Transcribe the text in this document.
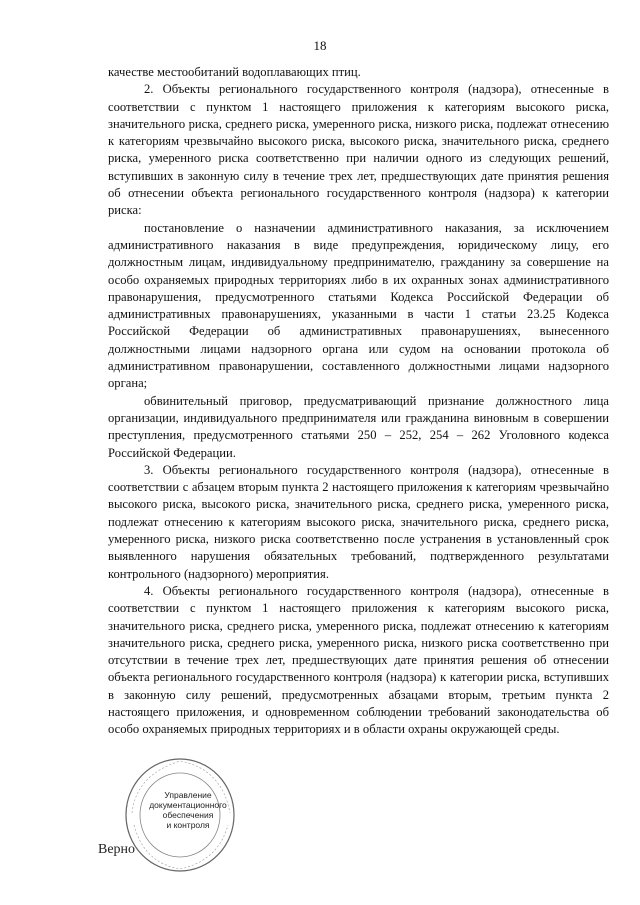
18

качестве местообитаний водоплавающих птиц.

2. Объекты регионального государственного контроля (надзора), отнесенные в соответствии с пунктом 1 настоящего приложения к категориям высокого риска, значительного риска, среднего риска, умеренного риска, низкого риска, подлежат отнесению к категориям чрезвычайно высокого риска, высокого риска, значительного риска, среднего риска, умеренного риска соответственно при наличии одного из следующих решений, вступивших в законную силу в течение трех лет, предшествующих дате принятия решения об отнесении объекта регионального государственного контроля (надзора) к категории риска:

постановление о назначении административного наказания, за исключением административного наказания в виде предупреждения, юридическому лицу, его должностным лицам, индивидуальному предпринимателю, гражданину за совершение на особо охраняемых природных территориях либо в их охранных зонах административного правонарушения, предусмотренного статьями Кодекса Российской Федерации об административных правонарушениях, указанными в части 1 статьи 23.25 Кодекса Российской Федерации об административных правонарушениях, вынесенного должностными лицами надзорного органа или судом на основании протокола об административном правонарушении, составленного должностными лицами надзорного органа;

обвинительный приговор, предусматривающий признание должностного лица организации, индивидуального предпринимателя или гражданина виновным в совершении преступления, предусмотренного статьями 250 – 252, 254 – 262 Уголовного кодекса Российской Федерации.

3. Объекты регионального государственного контроля (надзора), отнесенные в соответствии с абзацем вторым пункта 2 настоящего приложения к категориям чрезвычайно высокого риска, высокого риска, значительного риска, среднего риска, умеренного риска, подлежат отнесению к категориям высокого риска, значительного риска, среднего риска, умеренного риска, низкого риска соответственно после устранения в установленный срок выявленного нарушения обязательных требований, подтвержденного результатами контрольного (надзорного) мероприятия.

4. Объекты регионального государственного контроля (надзора), отнесенные в соответствии с пунктом 1 настоящего приложения к категориям высокого риска, значительного риска, среднего риска, умеренного риска, подлежат отнесению к категориям значительного риска, среднего риска, умеренного риска, низкого риска соответственно при отсутствии в течение трех лет, предшествующих дате принятия решения об отнесении объекта регионального государственного контроля (надзора) к категории риска, вступивших в законную силу решений, предусмотренных абзацами вторым, третьим пункта 2 настоящего приложения, и одновременном соблюдении требований законодательства об особо охраняемых природных территориях и в области охраны окружающей среды.

Управление
документационного
обеспечения
и контроля
Верно
